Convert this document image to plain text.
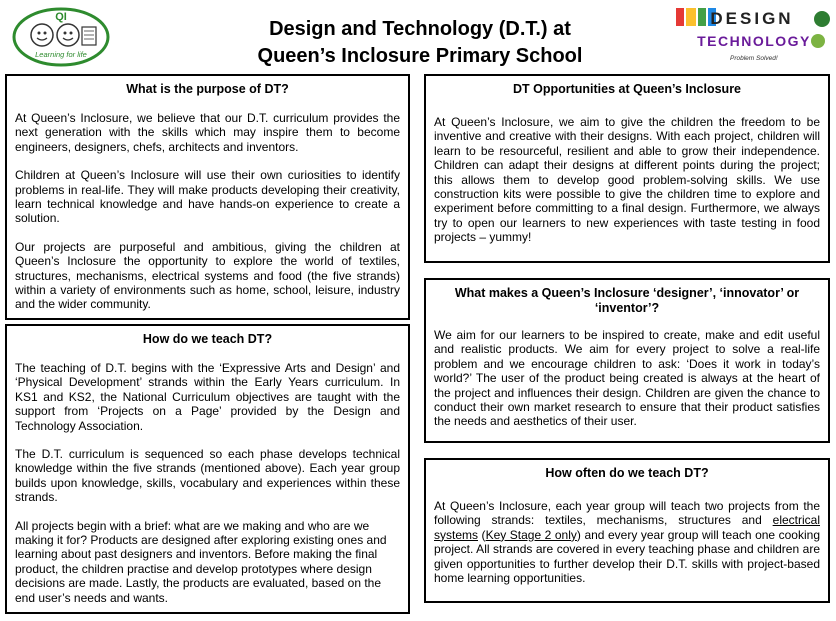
QI
Learning for life
Design and Technology (D.T.) at
Queen’s Inclosure Primary School
DESIGN
TECHNOLOGY
Problem Solved!
What is the purpose of DT?

At Queen’s Inclosure, we believe that our D.T. curriculum provides the next generation with the skills which may inspire them to become engineers, designers, chefs, architects and inventors.

Children at Queen’s Inclosure will use their own curiosities to identify problems in real-life. They will make products developing their creativity, learn technical knowledge and have hands-on experience to create a solution.

Our projects are purposeful and ambitious, giving the children at Queen’s Inclosure the opportunity to explore the world of textiles, structures, mechanisms, electrical systems and food (the five strands) within a variety of environments such as home, school, leisure, industry and the wider community.

How do we teach DT?

The teaching of D.T. begins with the ‘Expressive Arts and Design’ and ‘Physical Development’ strands within the Early Years curriculum. In KS1 and KS2, the National Curriculum objectives are taught with the support from ‘Projects on a Page’ provided by the Design and Technology Association.

The D.T. curriculum is sequenced so each phase develops technical knowledge within the five strands (mentioned above). Each year group builds upon knowledge, skills, vocabulary and experiences within these strands.

All projects begin with a brief: what are we making and who are we making it for? Products are designed after exploring existing ones and learning about past designers and inventors. Before making the final product, the children practise and develop prototypes where design decisions are made. Lastly, the products are evaluated, based on the end user’s needs and wants.

DT Opportunities at Queen’s Inclosure

At Queen’s Inclosure, we aim to give the children the freedom to be inventive and creative with their designs. With each project, children will learn to be resourceful, resilient and able to grow their independence. Children can adapt their designs at different points during the project; this allows them to develop good problem-solving skills. We use construction kits were possible to give the children time to explore and experiment before committing to a final design. Furthermore, we always try to open our learners to new experiences with taste testing in food projects – yummy!

What makes a Queen’s Inclosure ‘designer’, ‘innovator’ or
‘inventor’?

We aim for our learners to be inspired to create, make and edit useful and realistic products. We aim for every project to solve a real-life problem and we encourage children to ask: ‘Does it work in today’s world?’ The user of the product being created is always at the heart of the project and influences their design. Children are given the chance to conduct their own market research to ensure that their product satisfies the needs and aesthetics of their user.

How often do we teach DT?

At Queen’s Inclosure, each year group will teach two projects from the following strands: textiles, mechanisms, structures and electrical systems (Key Stage 2 only) and every year group will teach one cooking project. All strands are covered in every teaching phase and children are given opportunities to further develop their D.T. skills with project-based home learning opportunities.
